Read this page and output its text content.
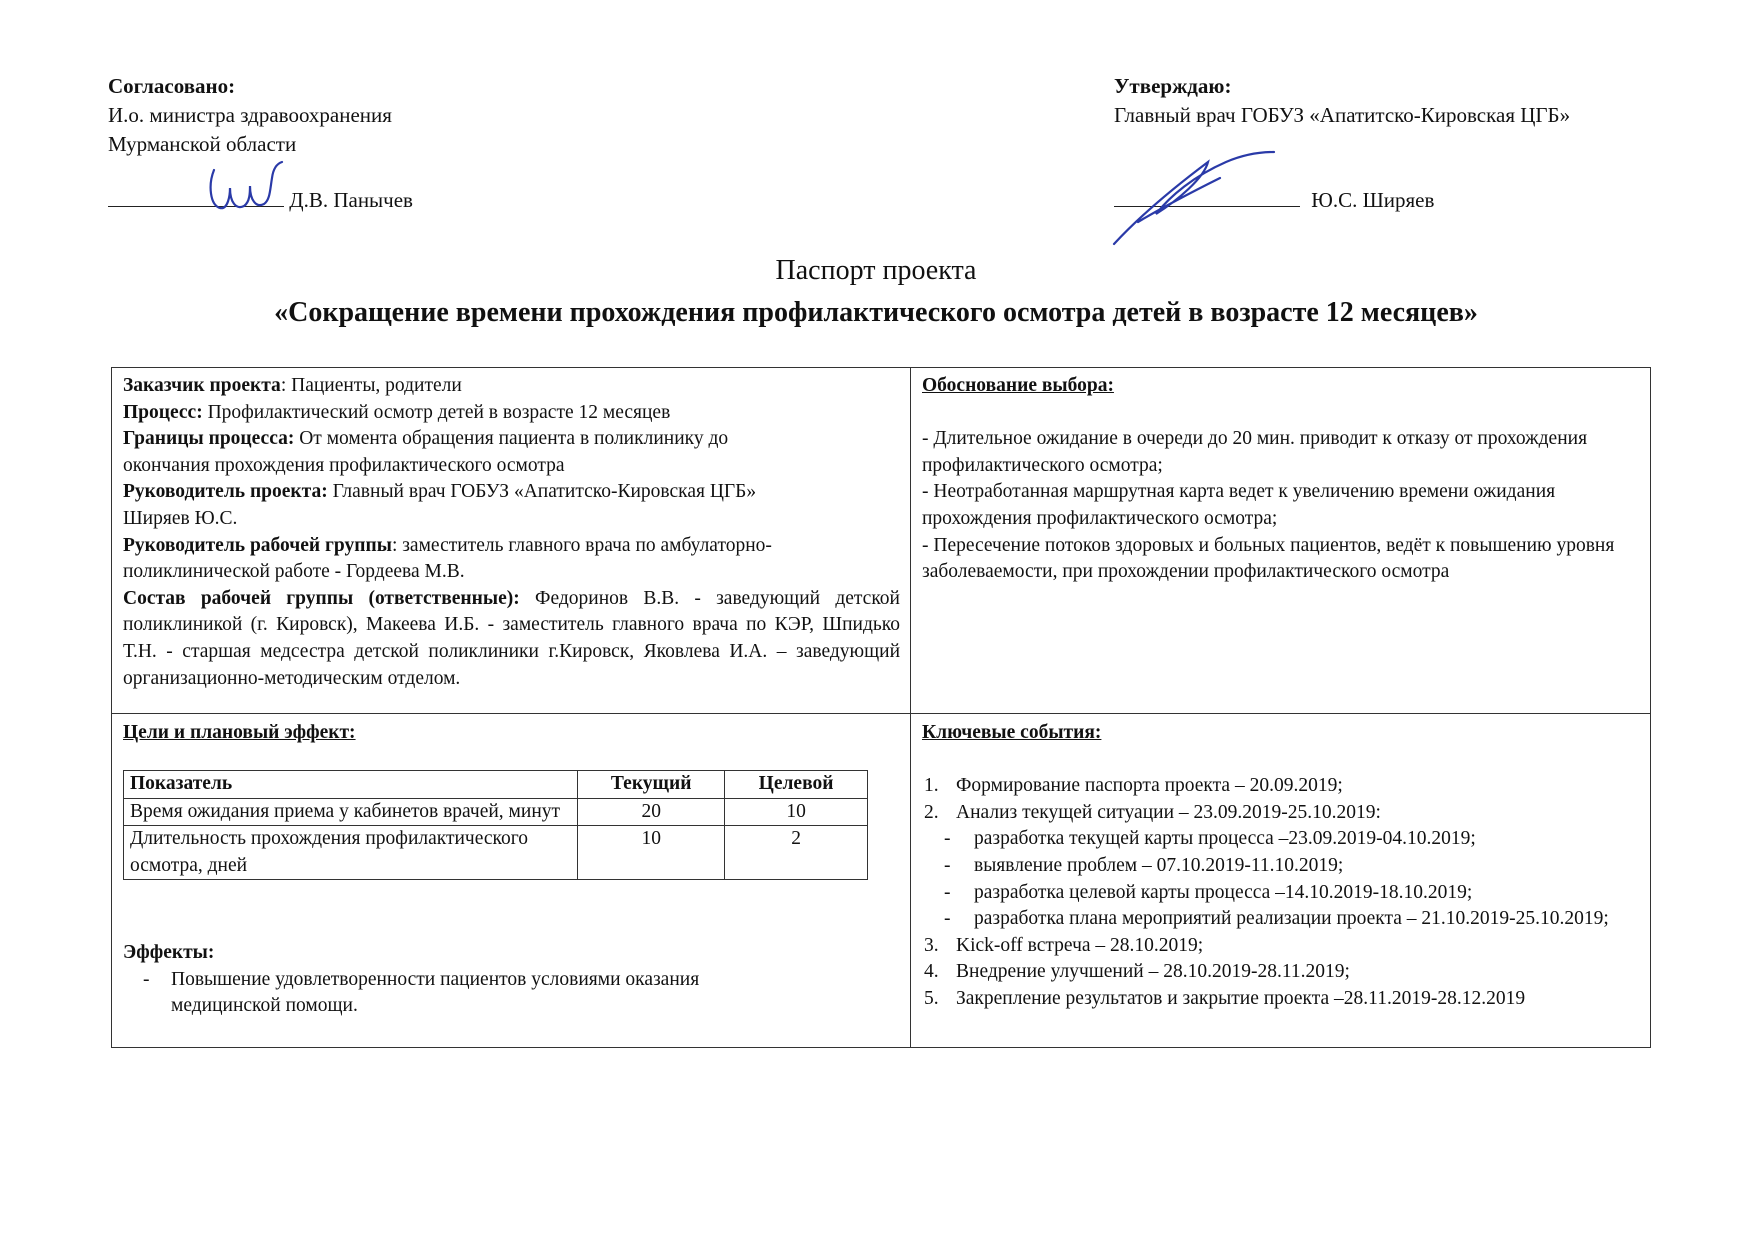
Согласовано:
И.о. министра здравоохранения
Мурманской области
Д.В. Панычев
Утверждаю:
Главный врач ГОБУЗ «Апатитско-Кировская ЦГБ»
Ю.С. Ширяев
Паспорт проекта
«Сокращение времени прохождения профилактического осмотра детей в возрасте 12 месяцев»
Заказчик проекта: Пациенты, родители
Процесс: Профилактический осмотр детей в возрасте 12 месяцев
Границы процесса: От момента обращения пациента в поликлинику до
окончания прохождения профилактического осмотра
Руководитель проекта: Главный врач ГОБУЗ «Апатитско-Кировская ЦГБ»
Ширяев Ю.С.
Руководитель рабочей группы: заместитель главного врача по амбулаторно-
поликлинической работе - Гордеева М.В.
Состав рабочей группы (ответственные): Федоринов В.В. - заведующий детской поликлиникой (г. Кировск), Макеева И.Б. - заместитель главного врача по КЭР, Шпидько Т.Н. - старшая медсестра детской поликлиники г.Кировск, Яковлева И.А. – заведующий организационно-методическим отделом.
Обоснование выбора:
- Длительное ожидание в очереди до 20 мин. приводит к отказу от прохождения профилактического осмотра;
- Неотработанная маршрутная карта ведет к увеличению времени ожидания прохождения профилактического осмотра;
- Пересечение потоков здоровых и больных пациентов, ведёт к повышению уровня заболеваемости, при прохождении профилактического осмотра
Цели и плановый эффект:
Показатель	Текущий	Целевой
Время ожидания приема у кабинетов врачей, минут	20	10
Длительность прохождения профилактического осмотра, дней	10	2
Эффекты:
- Повышение удовлетворенности пациентов условиями оказания медицинской помощи.
Ключевые события:
1. Формирование паспорта проекта – 20.09.2019;
2. Анализ текущей ситуации – 23.09.2019-25.10.2019:
- разработка текущей карты процесса –23.09.2019-04.10.2019;
- выявление проблем – 07.10.2019-11.10.2019;
- разработка целевой карты процесса –14.10.2019-18.10.2019;
- разработка плана мероприятий реализации проекта – 21.10.2019-25.10.2019;
3. Kick-off встреча – 28.10.2019;
4. Внедрение улучшений – 28.10.2019-28.11.2019;
5. Закрепление результатов и закрытие проекта –28.11.2019-28.12.2019
